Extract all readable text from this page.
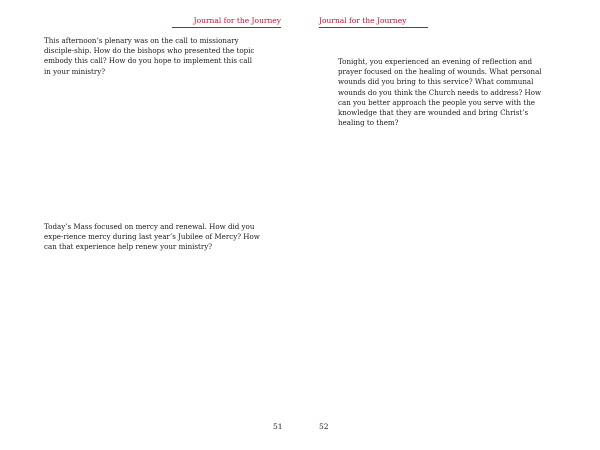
Journal for the Journey

This afternoon’s plenary was on the call to missionary disciple-ship. How do the bishops who presented the topic embody this call? How do you hope to implement this call in your ministry?

Today’s Mass focused on mercy and renewal. How did you expe-rience mercy during last year’s Jubilee of Mercy? How can that experience help renew your ministry?

51
Journal for the Journey

Tonight, you experienced an evening of reflection and prayer focused on the healing of wounds. What personal wounds did you bring to this service? What communal wounds do you think the Church needs to address? How can you better approach the people you serve with the knowledge that they are wounded and bring Christ’s healing to them?

52
